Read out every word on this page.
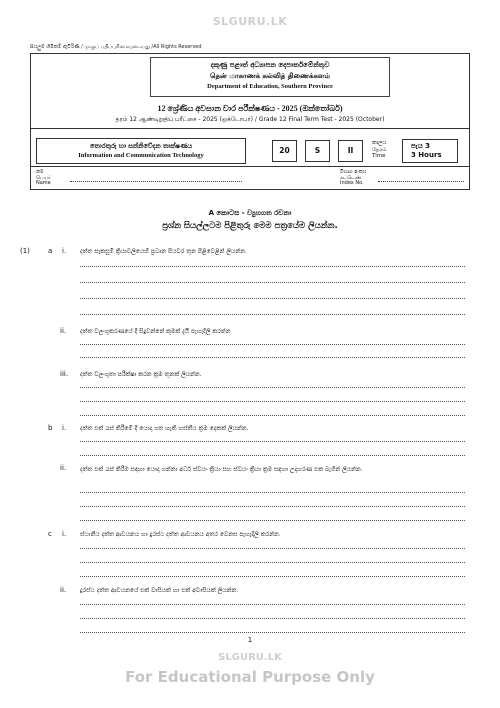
SLGURU.LK
සියලුම හිමිකම් ඇවිරිණි / முழுப் பதிப்புரிமையுடையது /All Rights Reserved
දකුණු පළාත් අධ්‍යාපන දෙපාර්තමේන්තුව
தென் மாகாணக் கல்வித் திணைக்களம்
Department of Education, Southern Province
12 ශ්‍රේණිය අවසාන වාර පරීක්ෂණය - 2025 (ඔක්තෝබර්)
தரம் 12 ஆண்டிறுதிப் பரீட்சை - 2025 (ஒக்டோபர்) / Grade 12 Final Term Test - 2025 (October)
තොරතුරු හා සන්නිවේදන තාක්ෂණය
Information and Communication Technology
20	S	II
කාලය
நேரம்
Time
පැය 3
3 Hours
නම
பெயர்
Name
විභාග අංකය
சுட்டெண்
Index No.
A කොටස - ව්‍යුහගත රචනා
ප්‍රශ්න සියල්ලටම පිළිතුරු මෙම පත්‍රයේම ලියන්න.
(1)	a i. දත්ත සැකසුම් ක්‍රියාවලියෙහි ප්‍රධාන පියවර තුන පිළිවෙළින් ලියන්න.
ii. දත්ත වලංගුකරණයේ දී සිදුවන්නේ කුමක් දැයි පැහැදිලි කරන්න
iii. දත්ත වලංගුතා පරීක්ෂා කරන ක්‍රම තුනක් ලියන්න.
b i. දත්ත එක් රැස් කිරීමේ දී යොදා ගත හැකි හස්තීය ක්‍රම දෙකක් ලියන්න.
ii. දත්ත එක් රැස් කිරීම සඳහා යොදා ගන්නා අර්ධ ස්වයං ක්‍රියා සහ ස්වයං ක්‍රියා ක්‍රම සඳහා උදාහරණ එක බැගින් ලියන්න.
c i. ස්ථානීය දත්ත ආචයනය හා දුරස්ථ දත්ත ආචයනය අතර වෙනස පැහැදිලි කරන්න.
ii. දුරස්ථ දත්ත ආචයනයේ එක් වාසියක් හා එක් අවාසියක් ලියන්න.
1
SLGURU.LK
For Educational Purpose Only
